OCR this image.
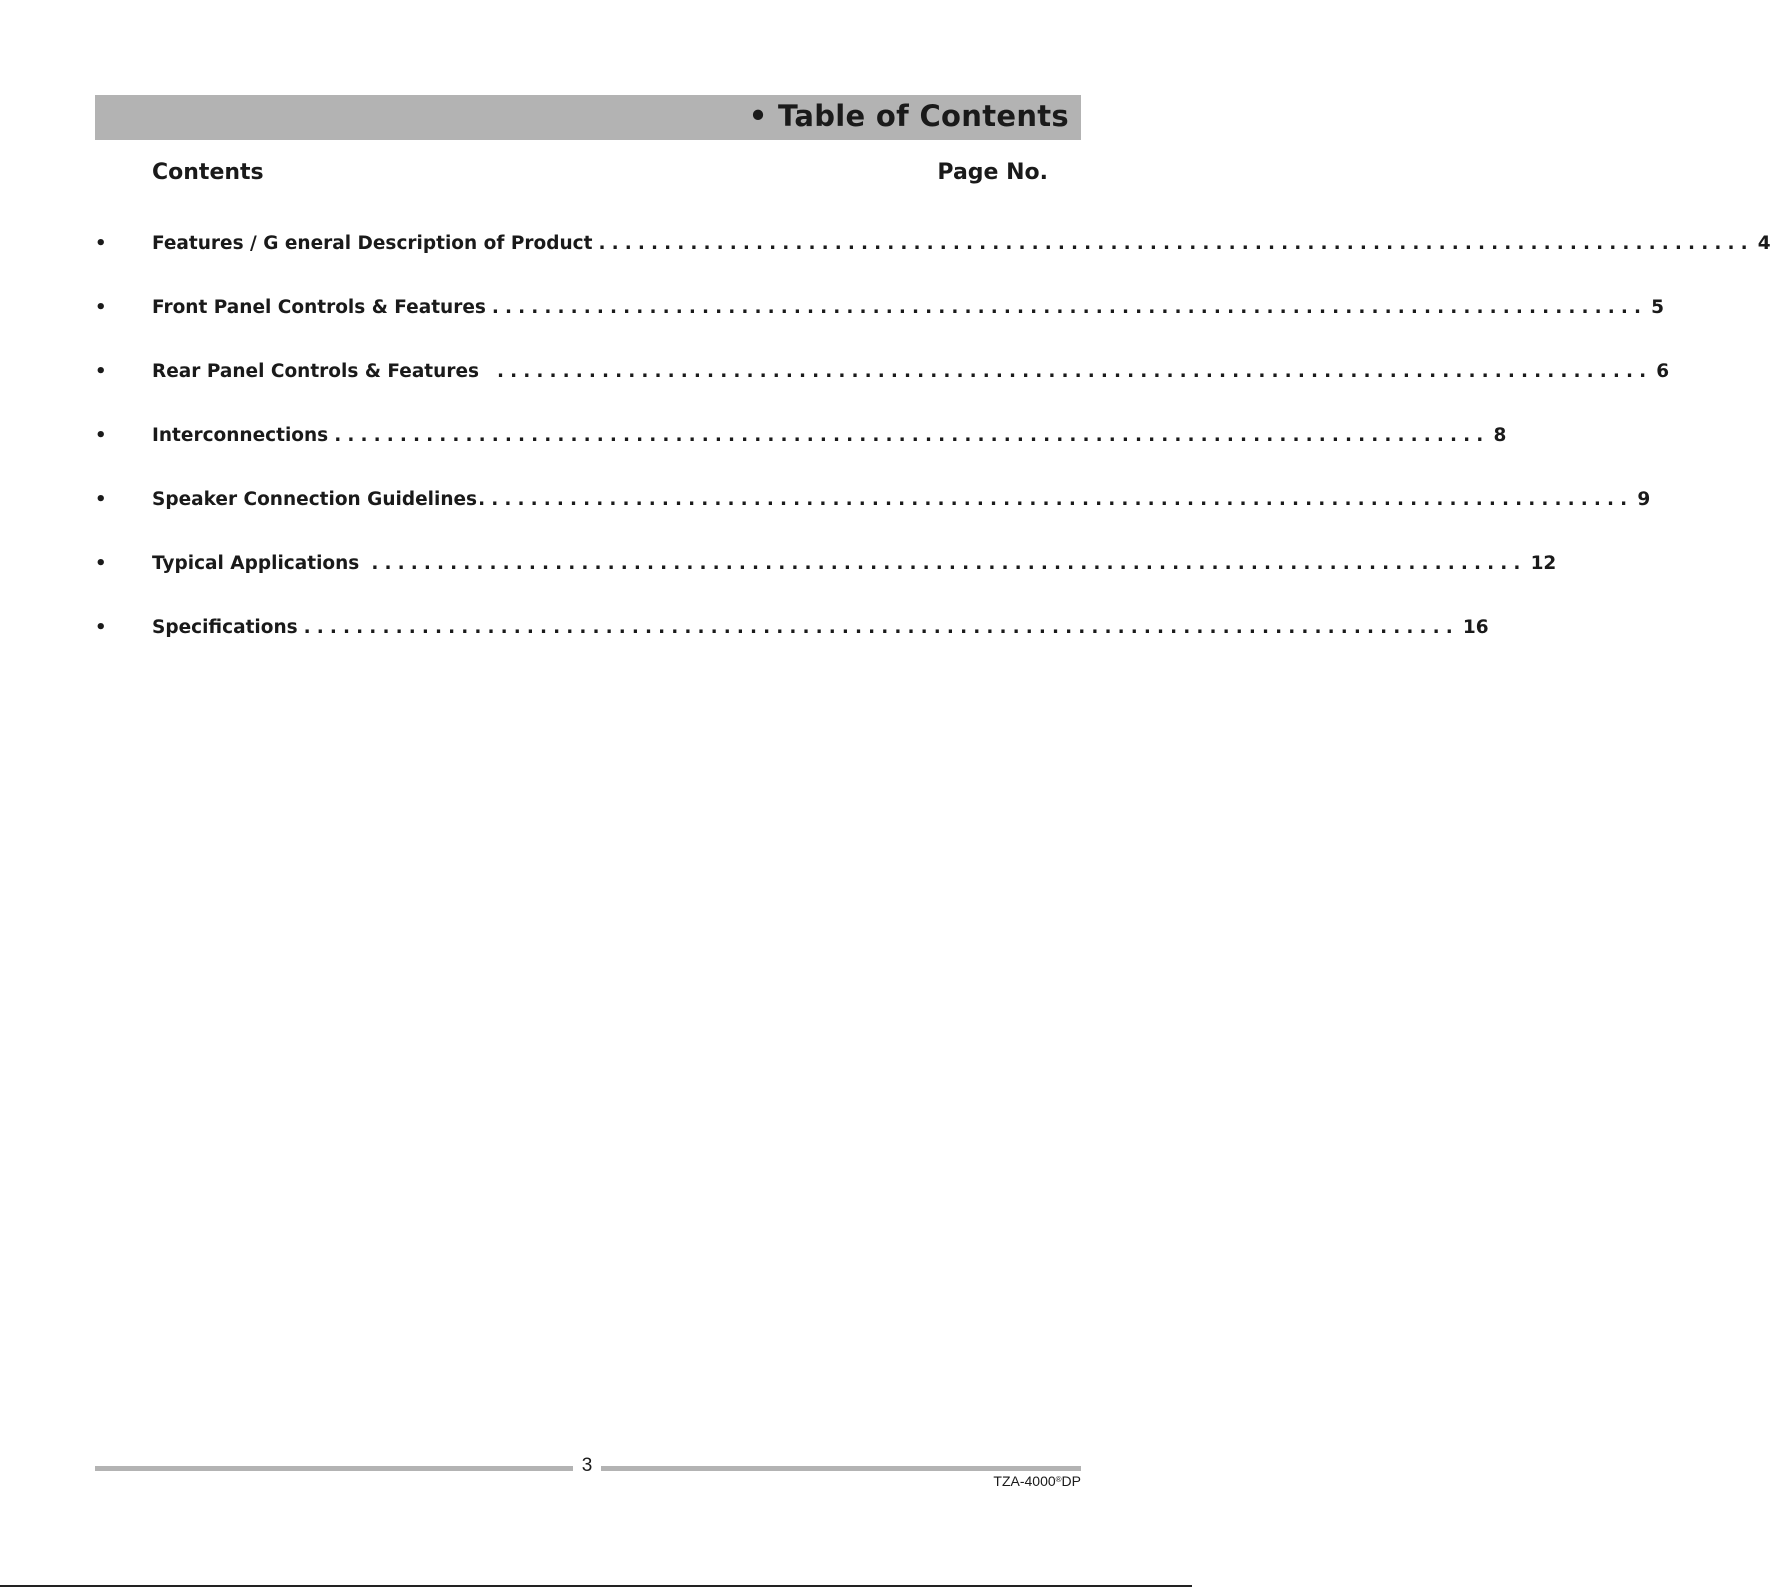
• Table of Contents
Contents	Page No.
•	Features / G eneral Description of Product ........................................................................................ 4
•	Front Panel Controls & Features ........................................................................................ 5
•	Rear Panel Controls & Features ........................................................................................ 6
•	Interconnections ........................................................................................ 8
•	Speaker Connection Guidelines ........................................................................................ 9
•	Typical Applications ........................................................................................ 12
•	Specifications ........................................................................................ 16
3
TZA-4000®DP
